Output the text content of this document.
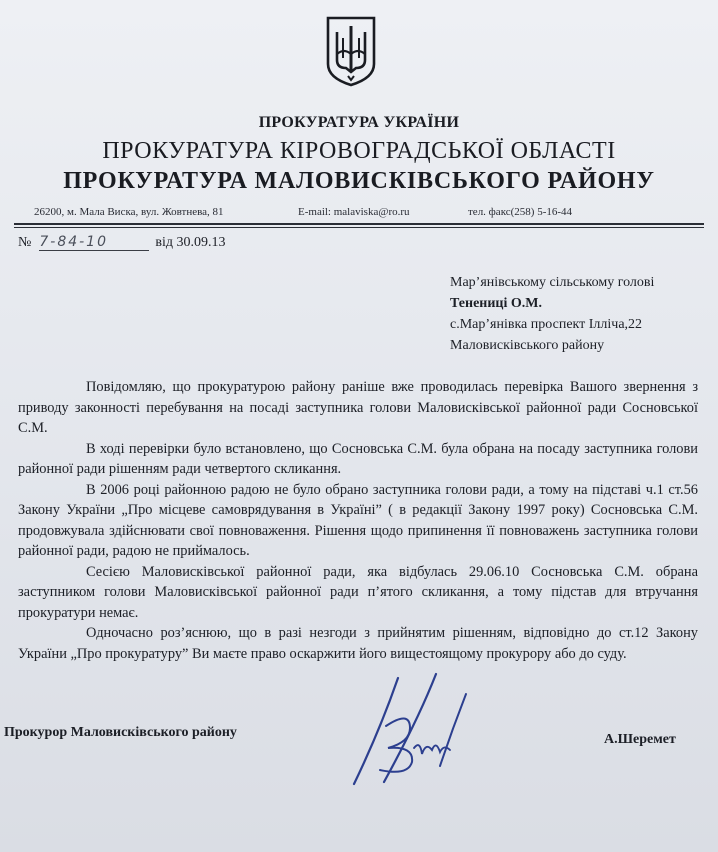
ПРОКУРАТУРА УКРАЇНИ
ПРОКУРАТУРА КІРОВОГРАДСЬКОЇ ОБЛАСТІ
ПРОКУРАТУРА МАЛОВИСКІВСЬКОГО РАЙОНУ
26200, м. Мала Виска, вул. Жовтнева, 81	E-mail: malaviska@ro.ru	тел. факс(258) 5-16-44
№ 7-84-10	від 30.09.13
Мар’янівському сільському голові
Тенениці О.М.
с.Мар’янівка проспект Ілліча,22
Маловисківського району

Повідомляю, що прокуратурою району раніше вже проводилась перевірка Вашого звернення з приводу законності перебування на посаді заступника голови Маловисківської районної ради Сосновської С.М.

В ході перевірки було встановлено, що Сосновська С.М. була обрана на посаду заступника голови районної ради рішенням ради четвертого скликання.

В 2006 році районною радою не було обрано заступника голови ради, а тому на підставі ч.1 ст.56 Закону України „Про місцеве самоврядування в Україні” ( в редакції Закону 1997 року) Сосновська С.М. продовжувала здійснювати свої повноваження. Рішення щодо припинення її повноважень заступника голови районної ради, радою не приймалось.

Сесією Маловисківської районної ради, яка відбулась 29.06.10 Сосновська С.М. обрана заступником голови Маловисківської районної ради п’ятого скликання, а тому підстав для втручання прокуратури немає.

Одночасно роз’яснюю, що в разі незгоди з прийнятим рішенням, відповідно до ст.12 Закону України „Про прокуратуру” Ви маєте право оскаржити його вищестоящому прокурору або до суду.

Прокурор Маловисківського району	А.Шеремет
